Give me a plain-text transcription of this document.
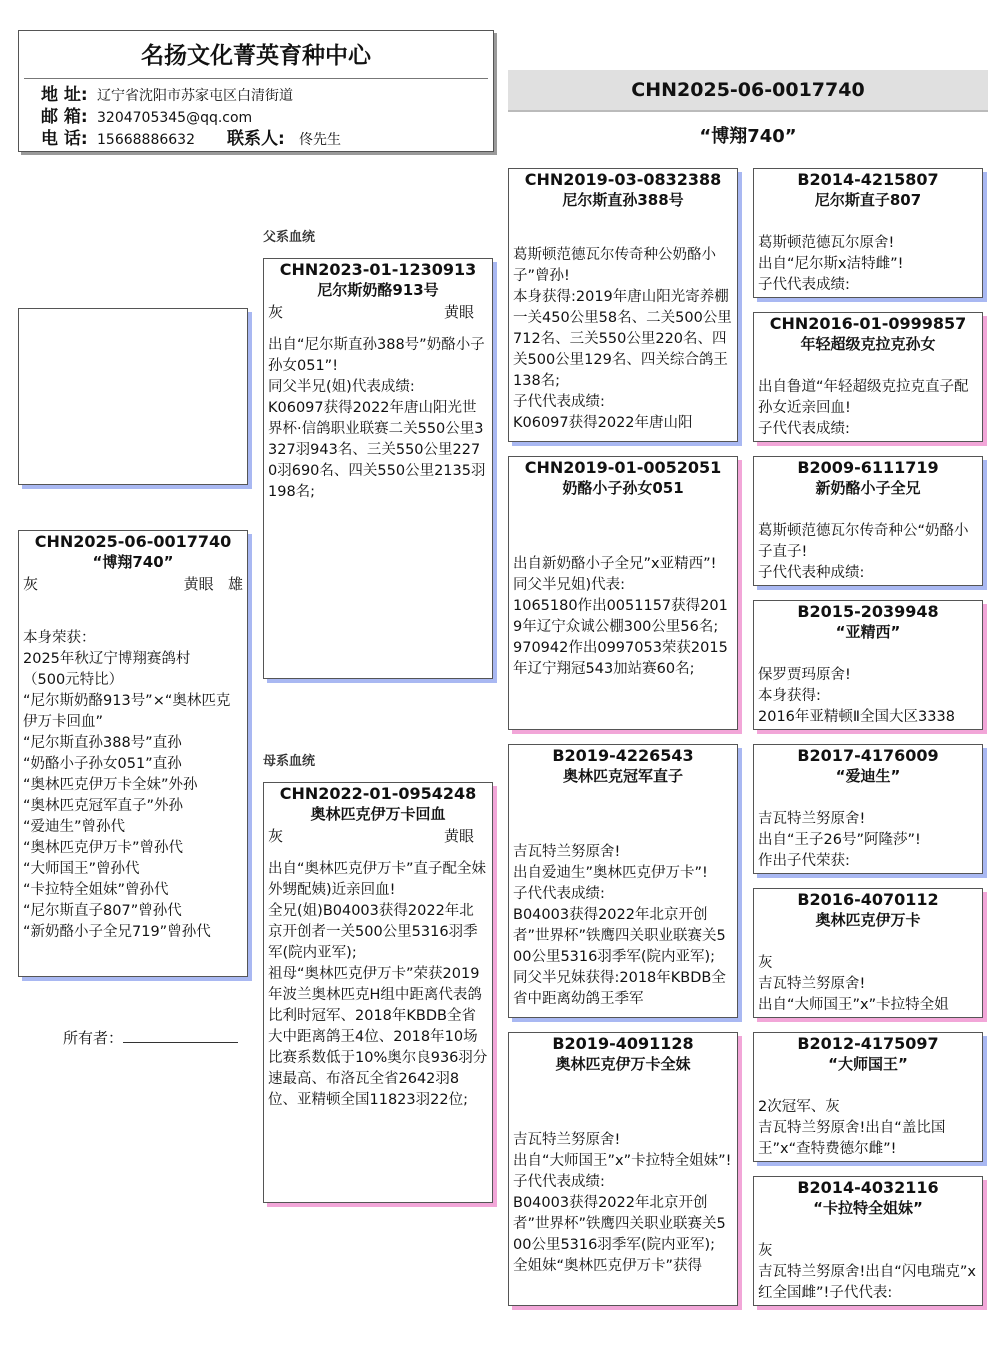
名扬文化菁英育种中心
地 址: 辽宁省沈阳市苏家屯区白清街道
邮 箱: 3204705345@qq.com
电 话: 15668886632 联系人: 佟先生
CHN2025-06-0017740
“博翔740”
CHN2025-06-0017740
“博翔740”
灰	黄眼 雄
本身荣获：
2025年秋辽宁博翔赛鸽村
（500元特比）
“尼尔斯奶酪913号”×“奥林匹克伊万卡回血”
“尼尔斯直孙388号”直孙
“奶酪小子孙女051”直孙
“奥林匹克伊万卡全妹”外孙
“奥林匹克冠军直子”外孙
“爱迪生”曾孙代
“奥林匹克伊万卡”曾孙代
“大师国王”曾孙代
“卡拉特全姐妹”曾孙代
“尼尔斯直子807”曾孙代
“新奶酪小子全兄719”曾孙代
所有者：
父系血统
母系血统
CHN2023-01-1230913
尼尔斯奶酪913号
灰	黄眼
出自“尼尔斯直孙388号”奶酪小子孙女051”!
同父半兄(姐)代表成绩:
K06097获得2022年唐山阳光世界杯·信鸽职业联赛二关550公里3327羽943名、三关550公里2270羽690名、四关550公里2135羽198名;
CHN2022-01-0954248
奥林匹克伊万卡回血
灰	黄眼
出自“奥林匹克伊万卡”直子配全妹外甥配姨)近亲回血!
全兄(姐)B04003获得2022年北京开创者一关500公里5316羽季军(院内亚军);
祖母“奥林匹克伊万卡”荣获2019年波兰奥林匹克H组中距离代表鸽比利时冠军、2018年KBDB全省大中距离鸽王4位、2018年10场比赛系数低于10%奥尔良936羽分速最高、布洛瓦全省2642羽8位、亚精顿全国11823羽22位;
CHN2019-03-0832388
尼尔斯直孙388号
葛斯顿范德瓦尔传奇种公奶酪小子”曾孙!
本身获得:2019年唐山阳光寄养棚一关450公里58名、二关500公里712名、三关550公里220名、四关500公里129名、四关综合鸽王138名;
子代代表成绩:
K06097获得2022年唐山阳
CHN2019-01-0052051
奶酪小子孙女051
出自新奶酪小子全兄”x亚精西”!
同父半兄姐)代表:
1065180作出0051157获得2019年辽宁众诚公棚300公里56名;
970942作出0997053荣获2015年辽宁翔冠543加站赛60名;
B2019-4226543
奥林匹克冠军直子
吉瓦特兰努原舍!
出自爱迪生”奥林匹克伊万卡”!
子代代表成绩:
B04003获得2022年北京开创者”世界杯”铁鹰四关职业联赛关500公里5316羽季军(院内亚军);
同父半兄妹获得:2018年KBDB全省中距离幼鸽王季军
B2019-4091128
奥林匹克伊万卡全妹
吉瓦特兰努原舍!
出自“大师国王”x”卡拉特全姐妹”!
子代代表成绩:
B04003获得2022年北京开创者”世界杯”铁鹰四关职业联赛关500公里5316羽季军(院内亚军);
全姐妹“奥林匹克伊万卡”获得
B2014-4215807
尼尔斯直子807
葛斯顿范德瓦尔原舍!
出自“尼尔斯x洁特雌”!
子代代表成绩:
CHN2016-01-0999857
年轻超级克拉克孙女
出自鲁道“年轻超级克拉克直子配孙女近亲回血!
子代代表成绩:
B2009-6111719
新奶酪小子全兄
葛斯顿范德瓦尔传奇种公“奶酪小子直子!
子代代表种成绩:
B2015-2039948
“亚精西”
保罗贾玛原舍!
本身获得:
2016年亚精顿Ⅱ全国大区3338
B2017-4176009
“爱迪生”
吉瓦特兰努原舍!
出自“王子26号”阿隆莎”!
作出子代荣获:
B2016-4070112
奥林匹克伊万卡
灰
吉瓦特兰努原舍!
出自“大师国王”x”卡拉特全姐
B2012-4175097
“大师国王”
2次冠军、灰
吉瓦特兰努原舍!出自“盖比国王”x“查特费德尔雌”!
B2014-4032116
“卡拉特全姐妹”
灰
吉瓦特兰努原舍!出自“闪电瑞克”x红全国雌”!子代代表:
